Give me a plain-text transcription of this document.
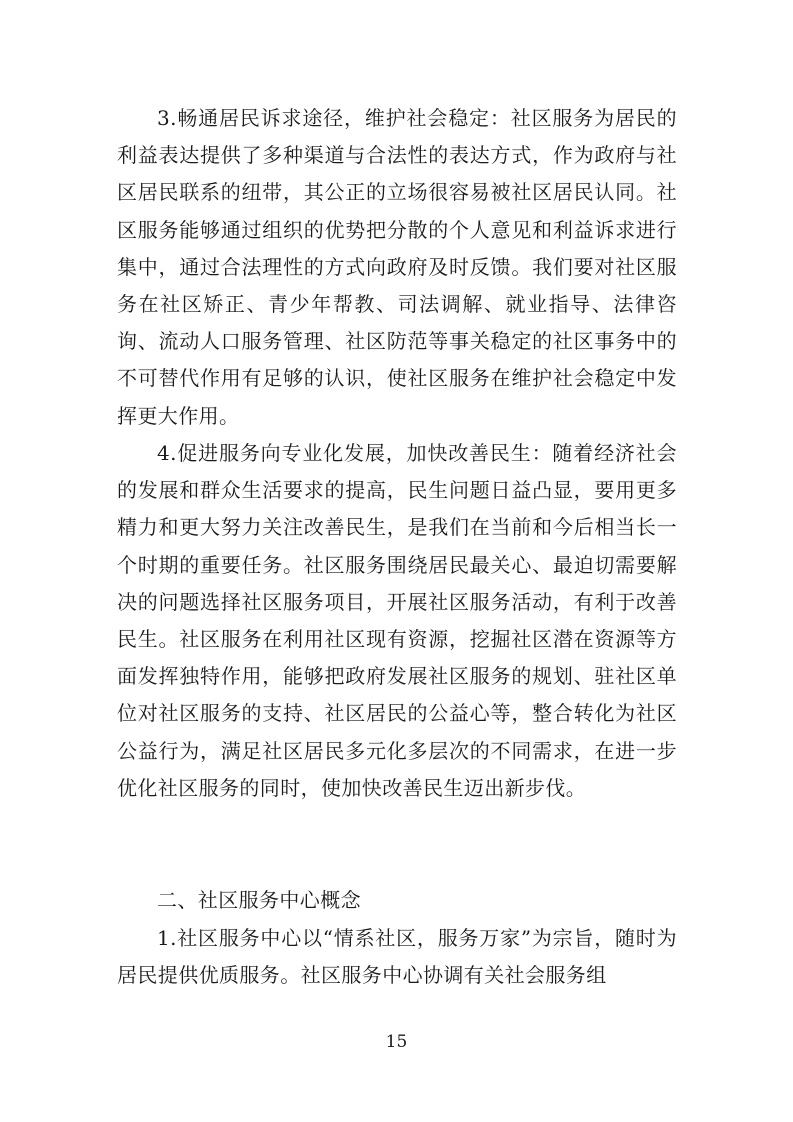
3.畅通居民诉求途径，维护社会稳定：社区服务为居民的利益表达提供了多种渠道与合法性的表达方式，作为政府与社区居民联系的纽带，其公正的立场很容易被社区居民认同。社区服务能够通过组织的优势把分散的个人意见和利益诉求进行集中，通过合法理性的方式向政府及时反馈。我们要对社区服务在社区矫正、青少年帮教、司法调解、就业指导、法律咨询、流动人口服务管理、社区防范等事关稳定的社区事务中的不可替代作用有足够的认识，使社区服务在维护社会稳定中发挥更大作用。

4.促进服务向专业化发展，加快改善民生：随着经济社会的发展和群众生活要求的提高，民生问题日益凸显，要用更多精力和更大努力关注改善民生，是我们在当前和今后相当长一个时期的重要任务。社区服务围绕居民最关心、最迫切需要解决的问题选择社区服务项目，开展社区服务活动，有利于改善民生。社区服务在利用社区现有资源，挖掘社区潜在资源等方面发挥独特作用，能够把政府发展社区服务的规划、驻社区单位对社区服务的支持、社区居民的公益心等，整合转化为社区公益行为，满足社区居民多元化多层次的不同需求，在进一步优化社区服务的同时，使加快改善民生迈出新步伐。

二、社区服务中心概念

1.社区服务中心以“情系社区，服务万家”为宗旨，随时为居民提供优质服务。社区服务中心协调有关社会服务组

15
